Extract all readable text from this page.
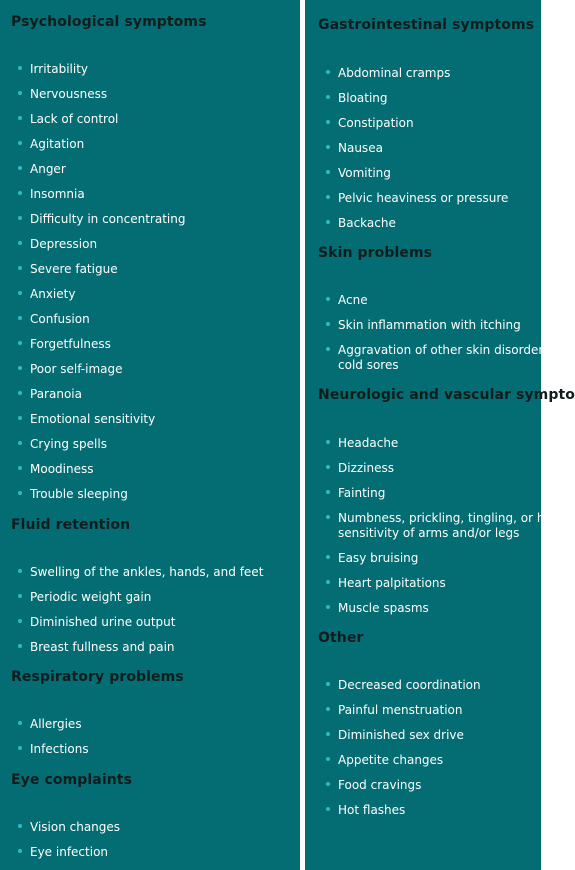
Psychological symptoms
Irritability
Nervousness
Lack of control
Agitation
Anger
Insomnia
Difficulty in concentrating
Depression
Severe fatigue
Anxiety
Confusion
Forgetfulness
Poor self-image
Paranoia
Emotional sensitivity
Crying spells
Moodiness
Trouble sleeping
Fluid retention
Swelling of the ankles, hands, and feet
Periodic weight gain
Diminished urine output
Breast fullness and pain
Respiratory problems
Allergies
Infections
Eye complaints
Vision changes
Eye infection
Gastrointestinal symptoms
Abdominal cramps
Bloating
Constipation
Nausea
Vomiting
Pelvic heaviness or pressure
Backache
Skin problems
Acne
Skin inflammation with itching
Aggravation of other skin disorders, i
cold sores
Neurologic and vascular sympto
Headache
Dizziness
Fainting
Numbness, prickling, tingling, or heig
sensitivity of arms and/or legs
Easy bruising
Heart palpitations
Muscle spasms
Other
Decreased coordination
Painful menstruation
Diminished sex drive
Appetite changes
Food cravings
Hot flashes
